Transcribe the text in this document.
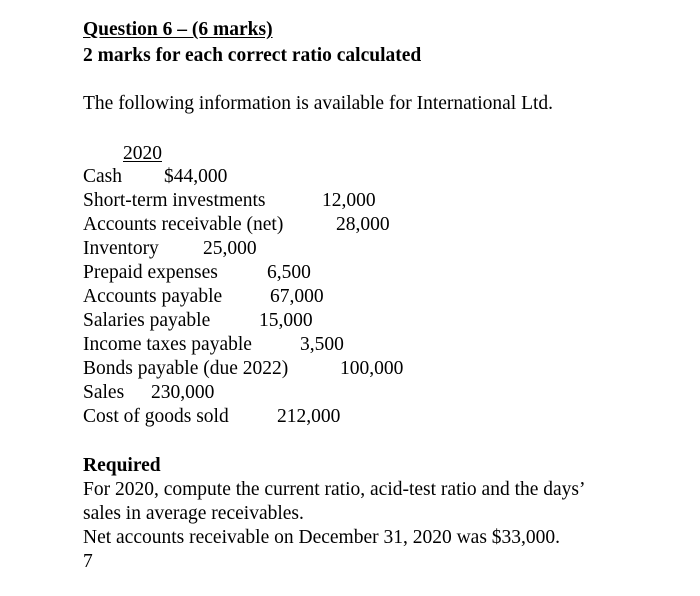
Question 6 – (6 marks)
2 marks for each correct ratio calculated
The following information is available for International Ltd.
2020
Cash $44,000
Short-term investments	12,000
Accounts receivable (net)	28,000
Inventory 25,000
Prepaid expenses	6,500
Accounts payable 67,000
Salaries payable	15,000
Income taxes payable 3,500
Bonds payable (due 2022)	100,000
Sales 230,000
Cost of goods sold 212,000
Required
For 2020, compute the current ratio, acid-test ratio and the days’
sales in average receivables.
Net accounts receivable on December 31, 2020 was $33,000.
7
